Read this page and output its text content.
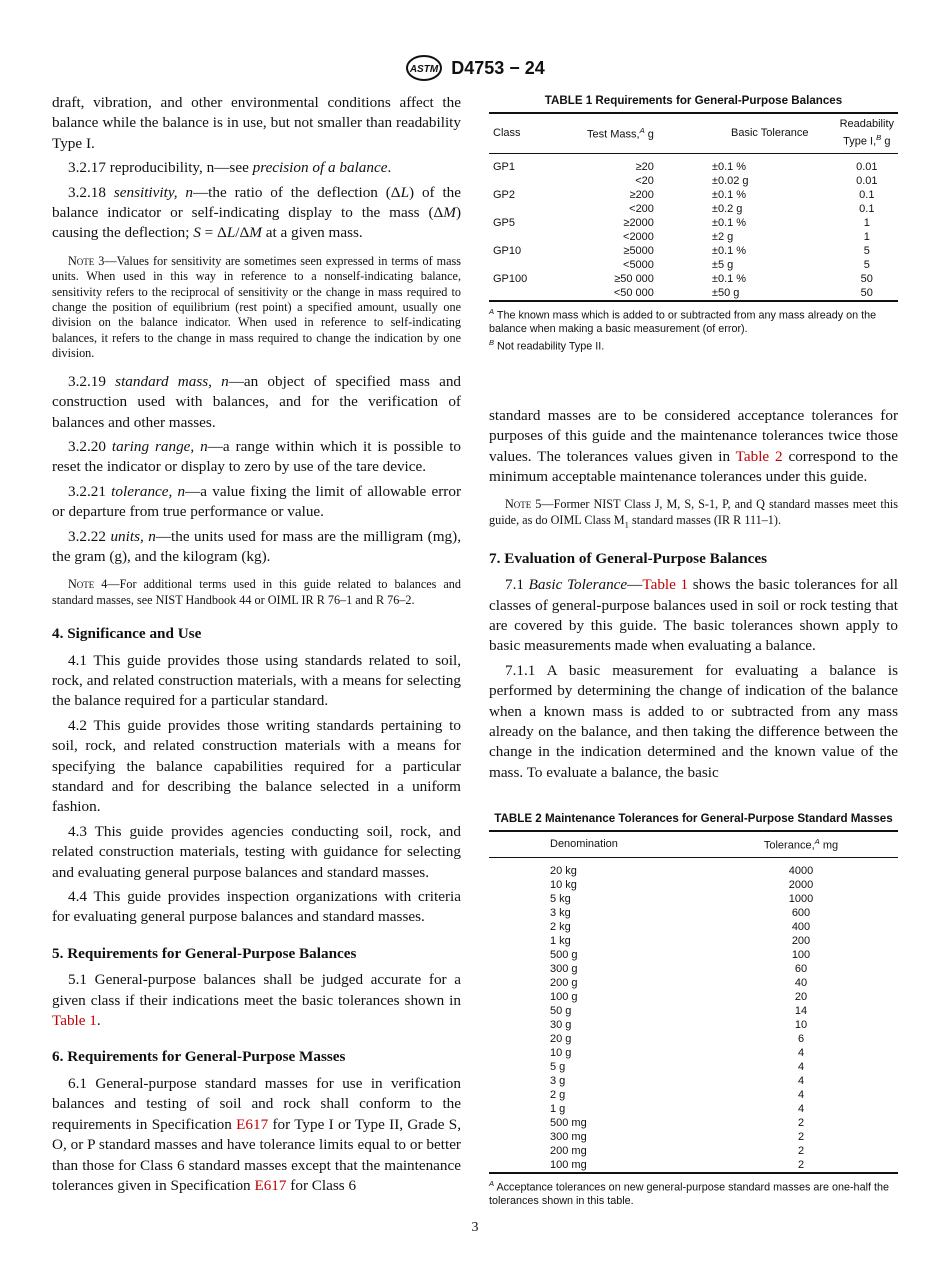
ASTM D4753 − 24
draft, vibration, and other environmental conditions affect the balance while the balance is in use, but not smaller than readability Type I.
3.2.17 reproducibility, n—see precision of a balance.
3.2.18 sensitivity, n—the ratio of the deflection (ΔL) of the balance indicator or self-indicating display to the mass (ΔM) causing the deflection; S = ΔL/ΔM at a given mass.
Note 3—Values for sensitivity are sometimes seen expressed in terms of mass units. When used in this way in reference to a nonself-indicating balance, sensitivity refers to the reciprocal of sensitivity or the change in mass required to change the position of equilibrium (rest point) a specified amount, usually one division on the balance indicator. When used in reference to self-indicating balances, it refers to the change in mass required to change the indication by one division.
3.2.19 standard mass, n—an object of specified mass and construction used with balances, and for the verification of balances and other masses.
3.2.20 taring range, n—a range within which it is possible to reset the indicator or display to zero by use of the tare device.
3.2.21 tolerance, n—a value fixing the limit of allowable error or departure from true performance or value.
3.2.22 units, n—the units used for mass are the milligram (mg), the gram (g), and the kilogram (kg).
Note 4—For additional terms used in this guide related to balances and standard masses, see NIST Handbook 44 or OIML IR R 76–1 and R 76–2.
4. Significance and Use
4.1 This guide provides those using standards related to soil, rock, and related construction materials, with a means for selecting the balance required for a particular standard.
4.2 This guide provides those writing standards pertaining to soil, rock, and related construction materials with a means for specifying the balance capabilities required for a particular standard and for describing the balance selected in a uniform fashion.
4.3 This guide provides agencies conducting soil, rock, and related construction materials, testing with guidance for selecting and evaluating general purpose balances and standard masses.
4.4 This guide provides inspection organizations with criteria for evaluating general purpose balances and standard masses.
5. Requirements for General-Purpose Balances
5.1 General-purpose balances shall be judged accurate for a given class if their indications meet the basic tolerances shown in Table 1.
6. Requirements for General-Purpose Masses
6.1 General-purpose standard masses for use in verification balances and testing of soil and rock shall conform to the requirements in Specification E617 for Type I or Type II, Grade S, O, or P standard masses and have tolerance limits equal to or better than those for Class 6 standard masses except that the maintenance tolerances given in Specification E617 for Class 6
TABLE 1 Requirements for General-Purpose Balances
Class	Test Mass,$^A$ g	Basic Tolerance	Readability Type I,$^B$ g
GP1	≥20	±0.1 %	0.01
	<20	±0.02 g	0.01
GP2	≥200	±0.1 %	0.1
	<200	±0.2 g	0.1
GP5	≥2000	±0.1 %	1
	<2000	±2 g	1
GP10	≥5000	±0.1 %	5
	<5000	±5 g	5
GP100	≥50 000	±0.1 %	50
	<50 000	±50 g	50
$^A$ The known mass which is added to or subtracted from any mass already on the balance when making a basic measurement (of error).
$^B$ Not readability Type II.
standard masses are to be considered acceptance tolerances for purposes of this guide and the maintenance tolerances twice those values. The tolerances values given in Table 2 correspond to the minimum acceptable maintenance tolerances under this guide.
Note 5—Former NIST Class J, M, S, S-1, P, and Q standard masses meet this guide, as do OIML Class $M_1$ standard masses (IR R 111–1).
7. Evaluation of General-Purpose Balances
7.1 Basic Tolerance—Table 1 shows the basic tolerances for all classes of general-purpose balances used in soil or rock testing that are covered by this guide. The basic tolerances shown apply to basic measurements made when evaluating a balance.
7.1.1 A basic measurement for evaluating a balance is performed by determining the change of indication of the balance when a known mass is added to or subtracted from any mass already on the balance, and then taking the difference between the change in the indication determined and the known value of the mass. To evaluate a balance, the basic
TABLE 2 Maintenance Tolerances for General-Purpose Standard Masses
Denomination	Tolerance,$^A$ mg
20 kg	4000
10 kg	2000
5 kg	1000
3 kg	600
2 kg	400
1 kg	200
500 g	100
300 g	60
200 g	40
100 g	20
50 g	14
30 g	10
20 g	6
10 g	4
5 g	4
3 g	4
2 g	4
1 g	4
500 mg	2
300 mg	2
200 mg	2
100 mg	2
$^A$ Acceptance tolerances on new general-purpose standard masses are one-half the tolerances shown in this table.
3
